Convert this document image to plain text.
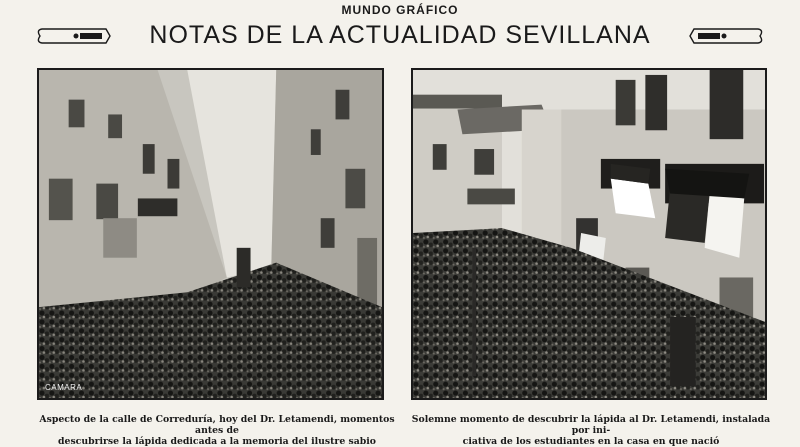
MUNDO GRÁFICO
NOTAS DE LA ACTUALIDAD SEVILLANA
CAMARA
Aspecto de la calle de Correduría, hoy del Dr. Letamendi, momentos antes de
descubrirse la lápida dedicada a la memoria del ilustre sabio
Solemne momento de descubrir la lápida al Dr. Letamendi, instalada por ini-
ciativa de los estudiantes en la casa en que nació
